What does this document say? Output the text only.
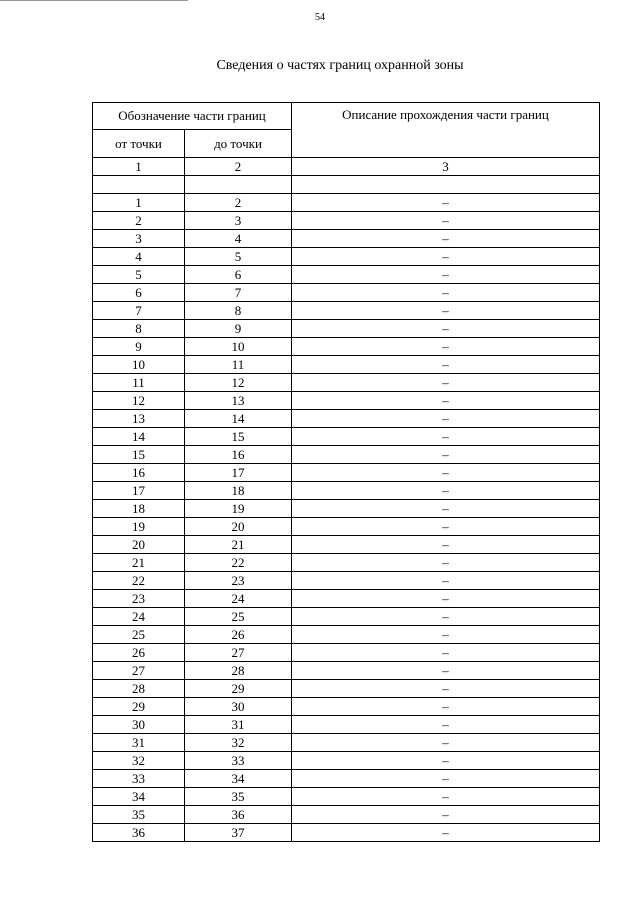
54
Сведения о частях границ охранной зоны
Обозначение части границ		Описание прохождения части границ
от точки	до точки	
1	2	3

1	2	–
2	3	–
3	4	–
4	5	–
5	6	–
6	7	–
7	8	–
8	9	–
9	10	–
10	11	–
11	12	–
12	13	–
13	14	–
14	15	–
15	16	–
16	17	–
17	18	–
18	19	–
19	20	–
20	21	–
21	22	–
22	23	–
23	24	–
24	25	–
25	26	–
26	27	–
27	28	–
28	29	–
29	30	–
30	31	–
31	32	–
32	33	–
33	34	–
34	35	–
35	36	–
36	37	–
